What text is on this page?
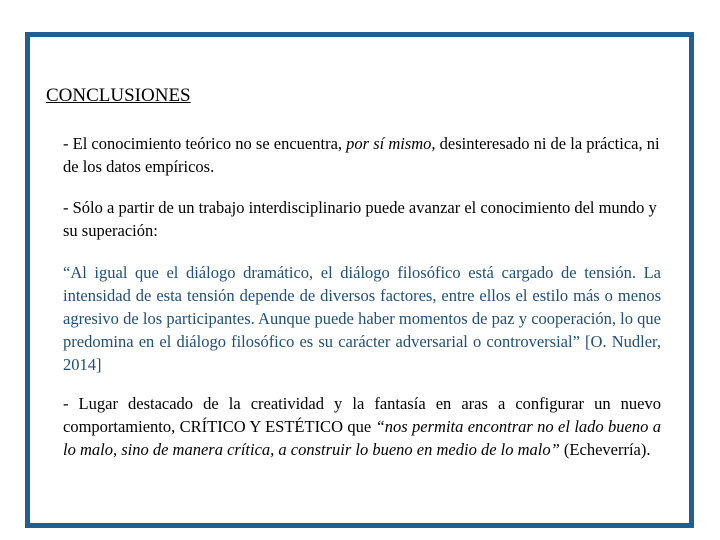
CONCLUSIONES
- El conocimiento teórico no se encuentra, por sí mismo, desinteresado ni de la práctica, ni de los datos empíricos.
- Sólo a partir de un trabajo interdisciplinario puede avanzar el conocimiento del mundo y su superación:
“Al igual que el diálogo dramático, el diálogo filosófico está cargado de tensión. La intensidad de esta tensión depende de diversos factores, entre ellos el estilo más o menos agresivo de los participantes. Aunque puede haber momentos de paz y cooperación, lo que predomina en el diálogo filosófico es su carácter adversarial o controversial” [O. Nudler, 2014]
- Lugar destacado de la creatividad y la fantasía en aras a configurar un nuevo comportamiento, CRÍTICO Y ESTÉTICO que “nos permita encontrar no el lado bueno a lo malo, sino de manera crítica, a construir lo bueno en medio de lo malo” (Echeverría).
